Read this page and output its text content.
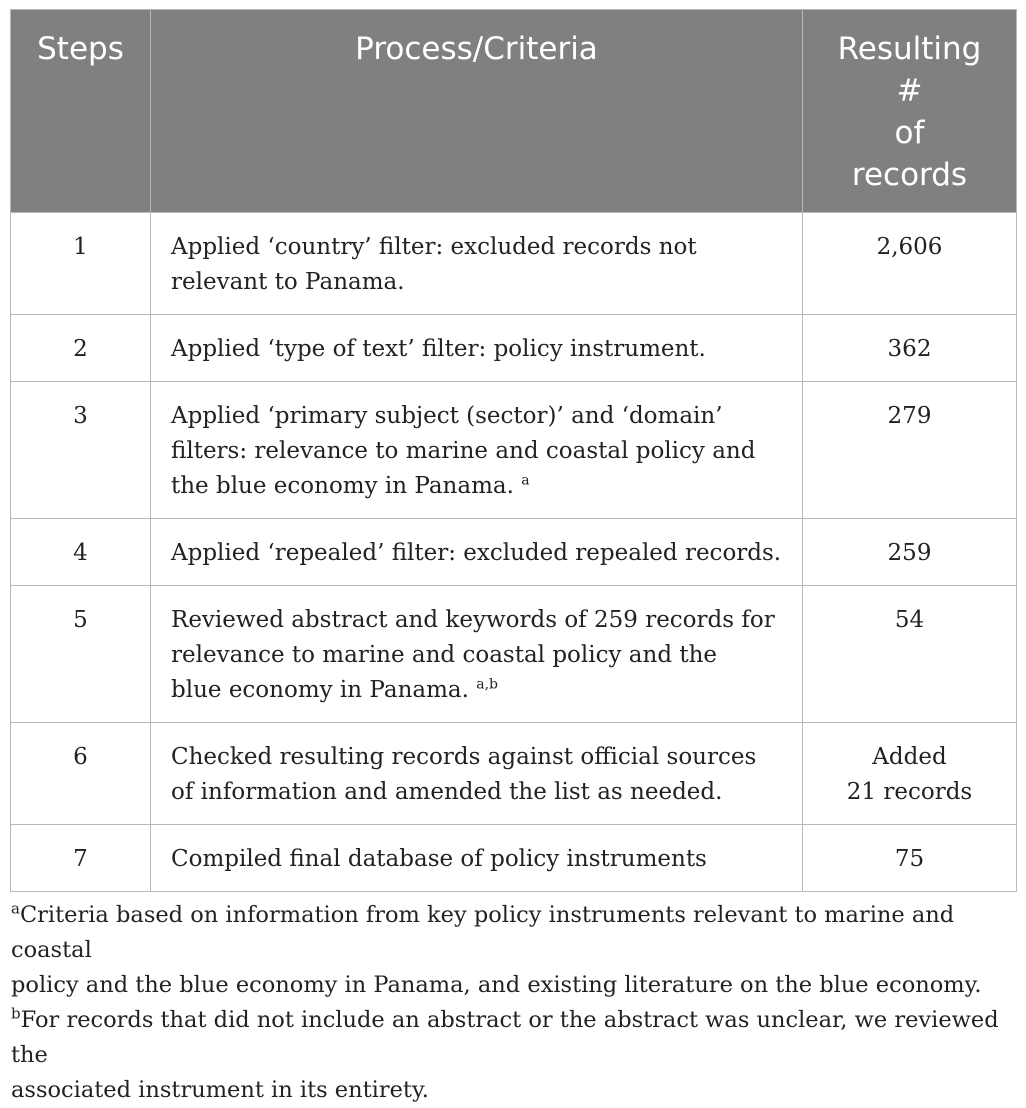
Steps	Process/Criteria	Resulting
#
of
records

1	Applied ‘country’ filter: excluded records not
relevant to Panama.	2,606

2	Applied ‘type of text’ filter: policy instrument.	362

3	Applied ‘primary subject (sector)’ and ‘domain’
filters: relevance to marine and coastal policy and
the blue economy in Panama. $^a$	279

4	Applied ‘repealed’ filter: excluded repealed records.	259

5	Reviewed abstract and keywords of 259 records for
relevance to marine and coastal policy and the
blue economy in Panama. $^{a,b}$	54

6	Checked resulting records against official sources
of information and amended the list as needed.	Added
21 records

7	Compiled final database of policy instruments	75
$^a$Criteria based on information from key policy instruments relevant to marine and coastal
policy and the blue economy in Panama, and existing literature on the blue economy.
$^b$For records that did not include an abstract or the abstract was unclear, we reviewed the
associated instrument in its entirety.
